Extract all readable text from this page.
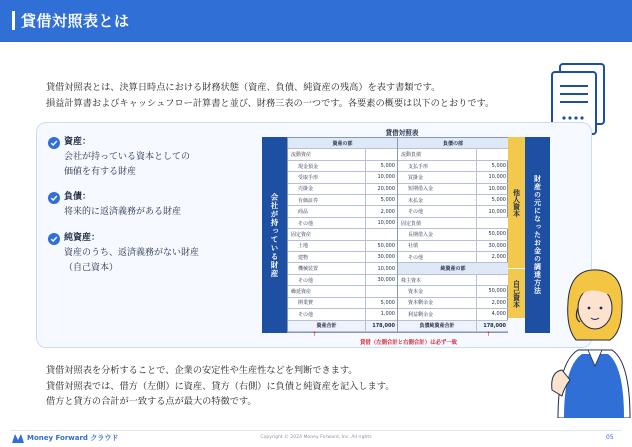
貸借対照表とは
貸借対照表とは、決算日時点における財務状態（資産、負債、純資産の残高）を表す書類です。
損益計算書およびキャッシュフロー計算書と並び、財務三表の一つです。各要素の概要は以下のとおりです。
資産：
会社が持っている資本としての
価値を有する財産
負債：
将来的に返済義務がある財産
純資産：
資産のうち、返済義務がない財産
（自己資本）
貸借対照表
会社が持っている財産
資産の部
流動資産
現金預金	5,000
受取手形	10,000
売掛金	20,000
有価証券	5,000
商品	2,000
その他	10,000
固定資産
土地	50,000
建物	30,000
機械装置	10,000
その他	30,000
繰延資産
開業費	5,000
その他	1,000
資産合計	178,000
負債の部
流動負債
支払手形	5,000
買掛金	10,000
短期借入金	10,000
未払金	5,000
その他	10,000
固定負債
長期借入金	50,000
社債	30,000
その他	2,000
純資産の部
株主資本
資本金	50,000
資本剰余金	2,000
利益剰余金	4,000
負債純資産合計	178,000
他人資本
自己資本	財産の元になったお金の調達方法
↑	↑
貸借（左側合計と右側合計）は必ず一致
貸借対照表を分析することで、企業の安定性や生産性などを判断できます。
貸借対照表では、借方（左側）に資産、貸方（右側）に負債と純資産を記入します。
借方と貸方の合計が一致する点が最大の特徴です。
Money Forward クラウド	Copyright © 2024 Money Forward, Inc. All rights	05
